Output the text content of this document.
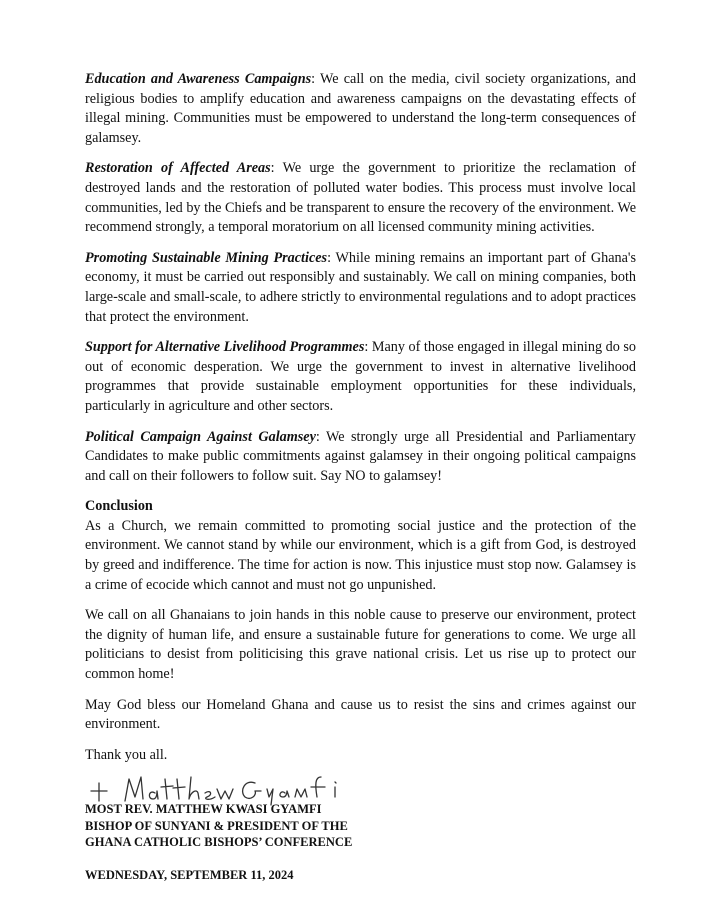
Education and Awareness Campaigns: We call on the media, civil society organizations, and religious bodies to amplify education and awareness campaigns on the devastating effects of illegal mining. Communities must be empowered to understand the long-term consequences of galamsey.

Restoration of Affected Areas: We urge the government to prioritize the reclamation of destroyed lands and the restoration of polluted water bodies. This process must involve local communities, led by the Chiefs and be transparent to ensure the recovery of the environment. We recommend strongly, a temporal moratorium on all licensed community mining activities.

Promoting Sustainable Mining Practices: While mining remains an important part of Ghana's economy, it must be carried out responsibly and sustainably. We call on mining companies, both large-scale and small-scale, to adhere strictly to environmental regulations and to adopt practices that protect the environment.

Support for Alternative Livelihood Programmes: Many of those engaged in illegal mining do so out of economic desperation. We urge the government to invest in alternative livelihood programmes that provide sustainable employment opportunities for these individuals, particularly in agriculture and other sectors.

Political Campaign Against Galamsey: We strongly urge all Presidential and Parliamentary Candidates to make public commitments against galamsey in their ongoing political campaigns and call on their followers to follow suit. Say NO to galamsey!

Conclusion

As a Church, we remain committed to promoting social justice and the protection of the environment. We cannot stand by while our environment, which is a gift from God, is destroyed by greed and indifference. The time for action is now. This injustice must stop now. Galamsey is a crime of ecocide which cannot and must not go unpunished.

We call on all Ghanaians to join hands in this noble cause to preserve our environment, protect the dignity of human life, and ensure a sustainable future for generations to come. We urge all politicians to desist from politicising this grave national crisis. Let us rise up to protect our common home!

May God bless our Homeland Ghana and cause us to resist the sins and crimes against our environment.

Thank you all.

MOST REV. MATTHEW KWASI GYAMFI
BISHOP OF SUNYANI & PRESIDENT OF THE
GHANA CATHOLIC BISHOPS’ CONFERENCE
WEDNESDAY, SEPTEMBER 11, 2024
